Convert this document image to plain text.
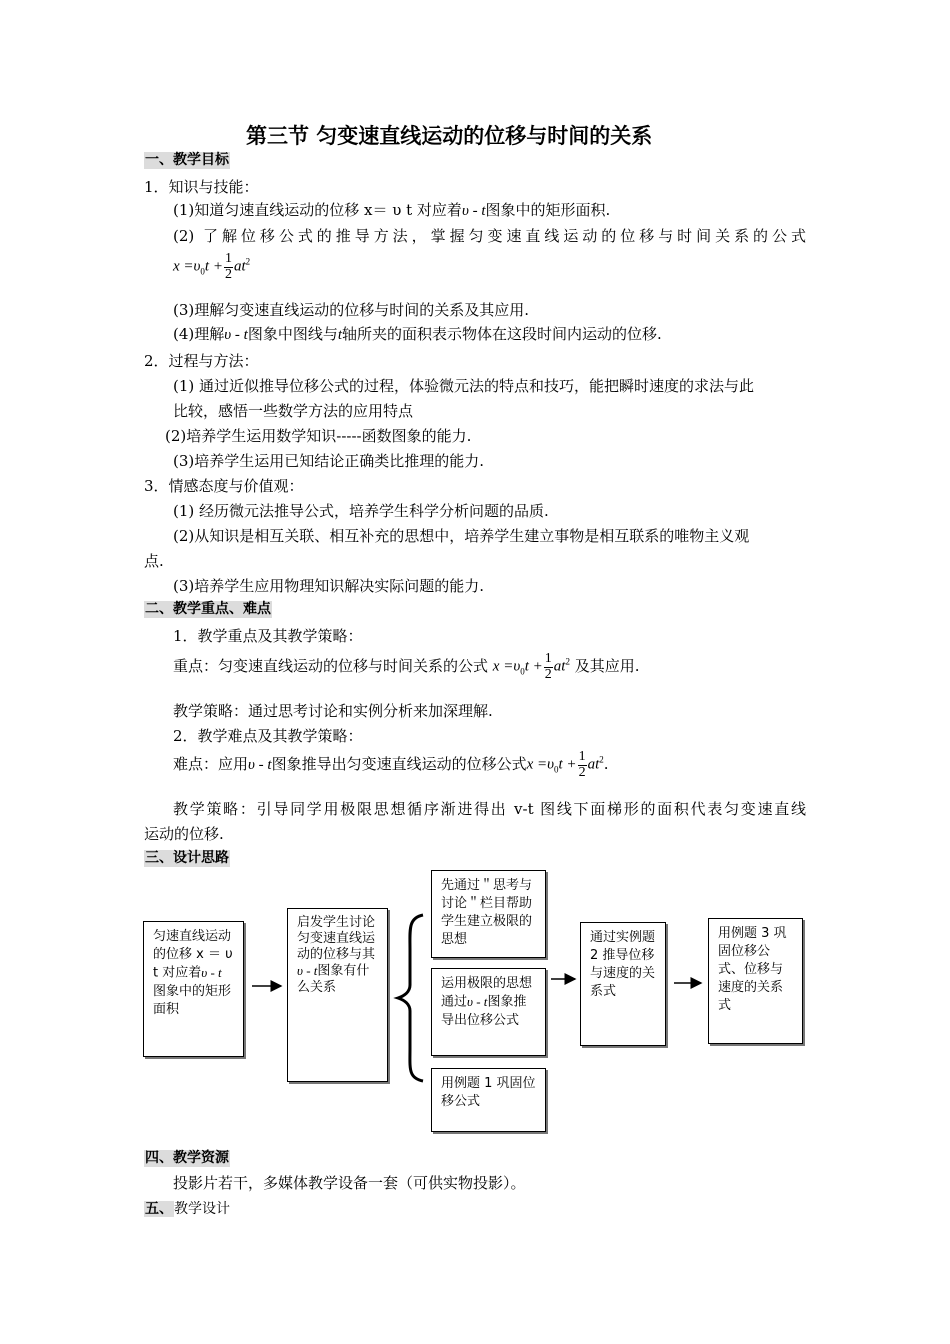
第三节 匀变速直线运动的位移与时间的关系
一、教学目标
1．知识与技能：
(1)知道匀速直线运动的位移 x＝ υ t 对应着υ - t图象中的矩形面积.
(2) 了解位移公式的推导方法，掌握匀变速直线运动的位移与时间关系的公式
$x =\upsilon_0t + \frac{1}{2} at^2$
(3)理解匀变速直线运动的位移与时间的关系及其应用.
(4)理解υ - t图象中图线与t轴所夹的面积表示物体在这段时间内运动的位移.
2．过程与方法：
(1) 通过近似推导位移公式的过程，体验微元法的特点和技巧，能把瞬时速度的求法与此
比较，感悟一些数学方法的应用特点
(2)培养学生运用数学知识-----函数图象的能力.
(3)培养学生运用已知结论正确类比推理的能力.
3．情感态度与价值观：
(1) 经历微元法推导公式，培养学生科学分析问题的品质.
(2)从知识是相互关联、相互补充的思想中，培养学生建立事物是相互联系的唯物主义观
点.
(3)培养学生应用物理知识解决实际问题的能力.
二、教学重点、难点
1．教学重点及其教学策略：
重点：匀变速直线运动的位移与时间关系的公式 $x =\upsilon_0t + \frac{1}{2} at^2$ 及其应用.
教学策略：通过思考讨论和实例分析来加深理解.
2．教学难点及其教学策略：
难点：应用υ - t图象推导出匀变速直线运动的位移公式$x =\upsilon_0t + \frac{1}{2} at^2$.
教学策略：引导同学用极限思想循序渐进得出 v-t 图线下面梯形的面积代表匀变速直线
运动的位移.
三、设计思路
匀速直线运动的位移 x ＝ υ t 对应着υ - t图象中的矩形面积
启发学生讨论匀变速直线运动的位移与其υ - t图象有什么关系
先通过＂思考与讨论＂栏目帮助学生建立极限的思想
运用极限的思想通过υ - t图象推导出位移公式
用例题 1 巩固位移公式
通过实例题 2 推导位移与速度的关系式
用例题 3 巩固位移公式、位移与速度的关系式
四、教学资源
投影片若干，多媒体教学设备一套（可供实物投影）。
五、教学设计
